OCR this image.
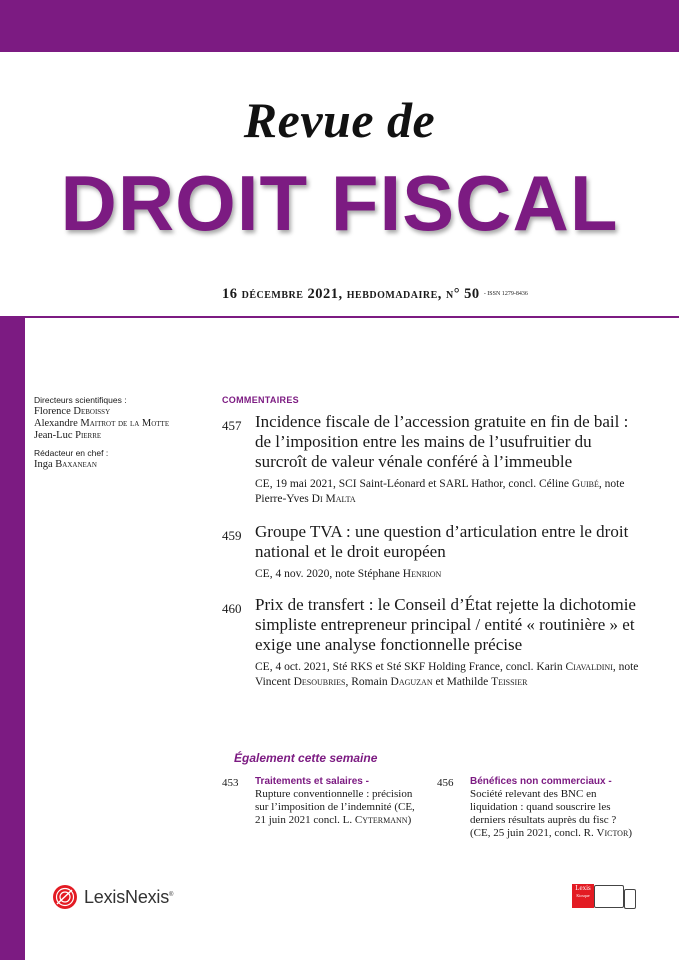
Revue de
DROIT FISCAL
16 décembre 2021, hebdomadaire, n° 50 $^{- ISSN 1279-8436}$
Directeurs scientifiques :
Florence Deboissy
Alexandre Maitrot de la Motte
Jean-Luc Pierre
Rédacteur en chef :
Inga Baxanean
COMMENTAIRES
457 Incidence fiscale de l’accession gratuite en fin de bail : de l’imposition entre les mains de l’usufruitier du surcroît de valeur vénale conféré à l’immeuble
CE, 19 mai 2021, SCI Saint-Léonard et SARL Hathor, concl. Céline Guibé, note Pierre-Yves Di Malta
459 Groupe TVA : une question d’articulation entre le droit national et le droit européen
CE, 4 nov. 2020, note Stéphane Henrion
460 Prix de transfert : le Conseil d’État rejette la dichotomie simpliste entrepreneur principal / entité « routinière » et exige une analyse fonctionnelle précise
CE, 4 oct. 2021, Sté RKS et Sté SKF Holding France, concl. Karin Ciavaldini, note Vincent Desoubries, Romain Daguzan et Mathilde Teissier
Également cette semaine
453 Traitements et salaires -
Rupture conventionnelle : précision sur l’imposition de l’indemnité (CE, 21 juin 2021 concl. L. Cytermann)
456 Bénéfices non commerciaux -
Société relevant des BNC en liquidation : quand souscrire les derniers résultats auprès du fisc ? (CE, 25 juin 2021, concl. R. Victor)
LexisNexis®
Lexis
Kiosque
